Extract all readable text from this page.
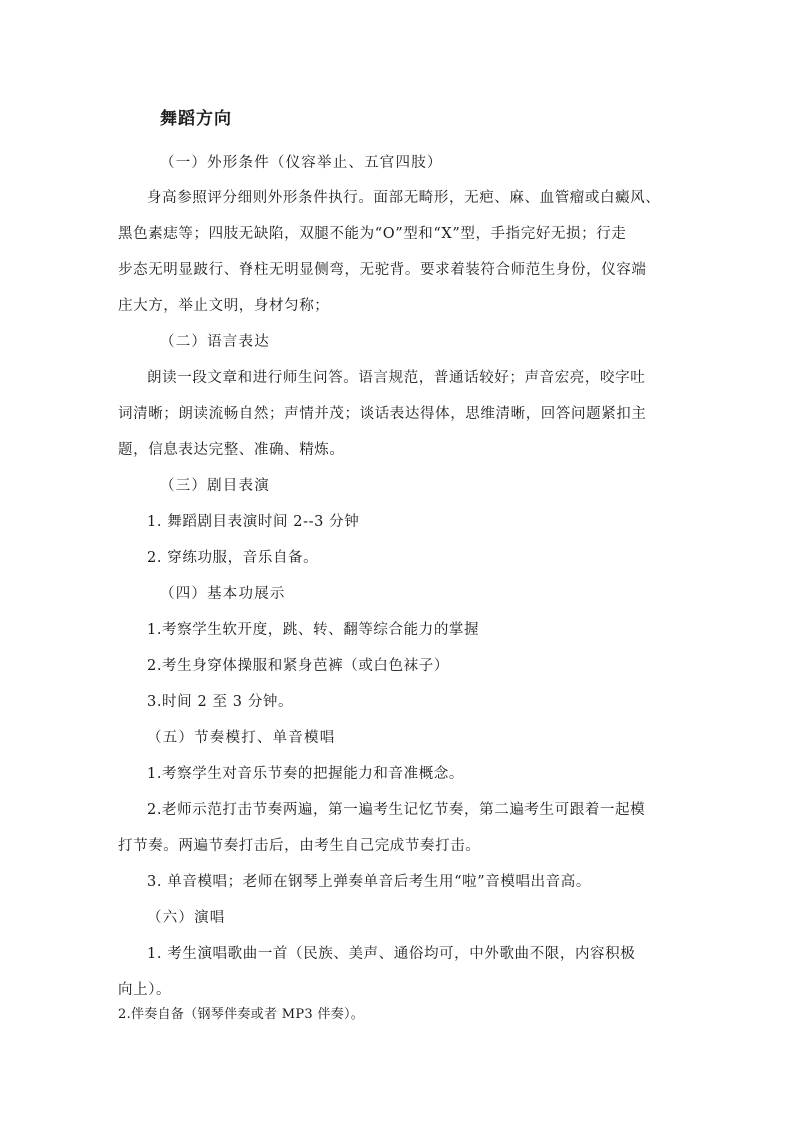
舞蹈方向
（一）外形条件（仪容举止、五官四肢）
身高参照评分细则外形条件执行。面部无畸形，无疤、麻、血管瘤或白癜风、
黑色素痣等；四肢无缺陷，双腿不能为“O”型和“X”型，手指完好无损；行走
步态无明显跛行、脊柱无明显侧弯，无驼背。要求着装符合师范生身份，仪容端
庄大方，举止文明，身材匀称；
（二）语言表达
朗读一段文章和进行师生问答。语言规范，普通话较好；声音宏亮，咬字吐
词清晰；朗读流畅自然；声情并茂；谈话表达得体，思维清晰，回答问题紧扣主
题，信息表达完整、准确、精炼。
（三）剧目表演
1. 舞蹈剧目表演时间 2--3 分钟
2. 穿练功服，音乐自备。
（四）基本功展示
1.考察学生软开度，跳、转、翻等综合能力的掌握
2.考生身穿体操服和紧身芭裤（或白色袜子）
3.时间 2 至 3 分钟。
（五）节奏模打、单音模唱
1.考察学生对音乐节奏的把握能力和音准概念。
2.老师示范打击节奏两遍，第一遍考生记忆节奏，第二遍考生可跟着一起模
打节奏。两遍节奏打击后，由考生自己完成节奏打击。
3. 单音模唱；老师在钢琴上弹奏单音后考生用“啦”音模唱出音高。
（六）演唱
1. 考生演唱歌曲一首（民族、美声、通俗均可，中外歌曲不限，内容积极
向上）。
2.伴奏自备（钢琴伴奏或者 MP3 伴奏）。
